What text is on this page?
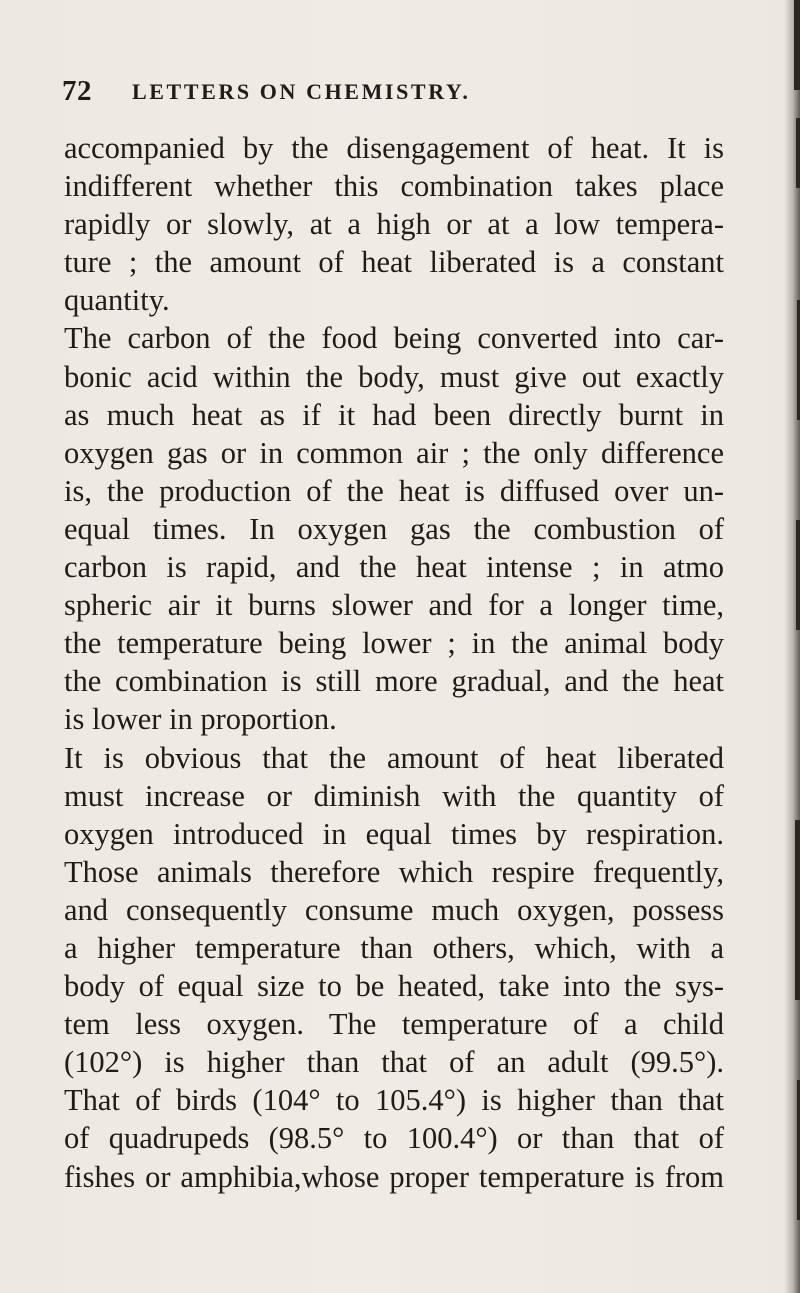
72 LETTERS ON CHEMISTRY.
accompanied by the disengagement of heat. It is
indifferent whether this combination takes place
rapidly or slowly, at a high or at a low tempera-
ture ; the amount of heat liberated is a constant
quantity.
The carbon of the food being converted into car-
bonic acid within the body, must give out exactly
as much heat as if it had been directly burnt in
oxygen gas or in common air ; the only difference
is, the production of the heat is diffused over un-
equal times. In oxygen gas the combustion of
carbon is rapid, and the heat intense ; in atmo
spheric air it burns slower and for a longer time,
the temperature being lower ; in the animal body
the combination is still more gradual, and the heat
is lower in proportion.
It is obvious that the amount of heat liberated
must increase or diminish with the quantity of
oxygen introduced in equal times by respiration.
Those animals therefore which respire frequently,
and consequently consume much oxygen, possess
a higher temperature than others, which, with a
body of equal size to be heated, take into the sys-
tem less oxygen. The temperature of a child
(102°) is higher than that of an adult (99.5°).
That of birds (104° to 105.4°) is higher than that
of quadrupeds (98.5° to 100.4°) or than that of
fishes or amphibia,whose proper temperature is from
